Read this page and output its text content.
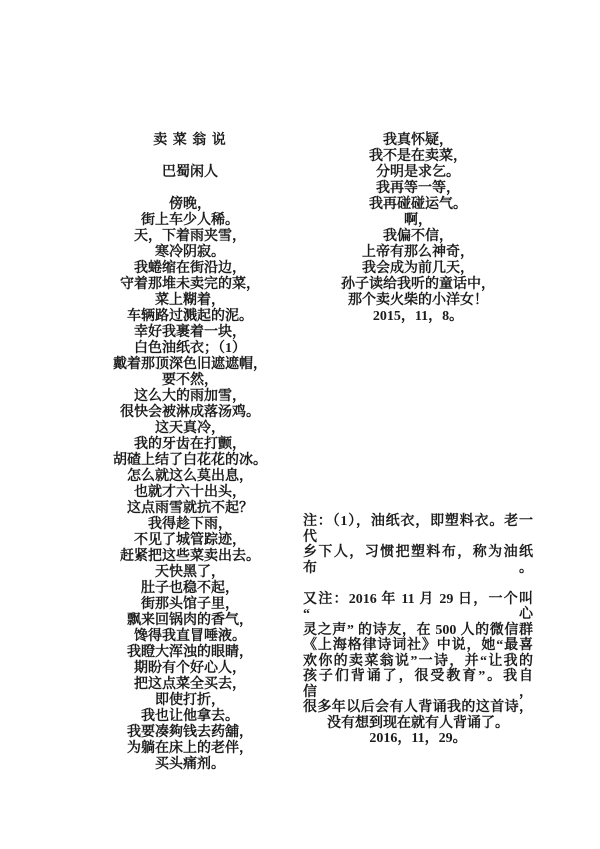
卖 菜 翁 说

巴蜀闲人

傍晚，
街上车少人稀。
天，下着雨夹雪，
寒冷阴寂。
我蜷缩在街沿边，
守着那堆未卖完的菜，
菜上糊着，
车辆路过溅起的泥。
幸好我裹着一块，
白色油纸衣；（1）
戴着那顶深色旧遮遮帽，
要不然，
这么大的雨加雪，
很快会被淋成落汤鸡。
这天真冷，
我的牙齿在打颤，
胡碴上结了白花花的冰。
怎么就这么莫出息，
也就才六十出头，
这点雨雪就抗不起？
我得趁下雨，
不见了城管踪迹，
赶紧把这些菜卖出去。
天快黑了，
肚子也稳不起，
街那头馆子里，
飘来回锅肉的香气，
馋得我直冒唾液。
我瞪大浑浊的眼睛，
期盼有个好心人，
把这点菜全买去，
即使打折，
我也让他拿去。
我要凑夠钱去药舖，
为躺在床上的老伴，
买头痛剂。
我真怀疑，
我不是在卖菜，
分明是求乞。
我再等一等，
我再碰碰运气。
啊，
我偏不信，
上帝有那么神奇，
我会成为前几天，
孙子读给我听的童话中，
那个卖火柴的小洋女！
2015，11，8。
注：（1），油纸衣，即塑料衣。老一代
乡下人，习惯把塑料布，称为油纸布。

又注：2016 年 11 月 29 日，一个叫“心
灵之声” 的诗友，在 500 人的微信群
《上海格律诗词社》中说，她“最喜
欢你的卖菜翁说”一诗，并“让我的
孩子们背诵了，很受教育”。我自信，
很多年以后会有人背诵我的这首诗，
没有想到现在就有人背诵了。
2016，11，29。
